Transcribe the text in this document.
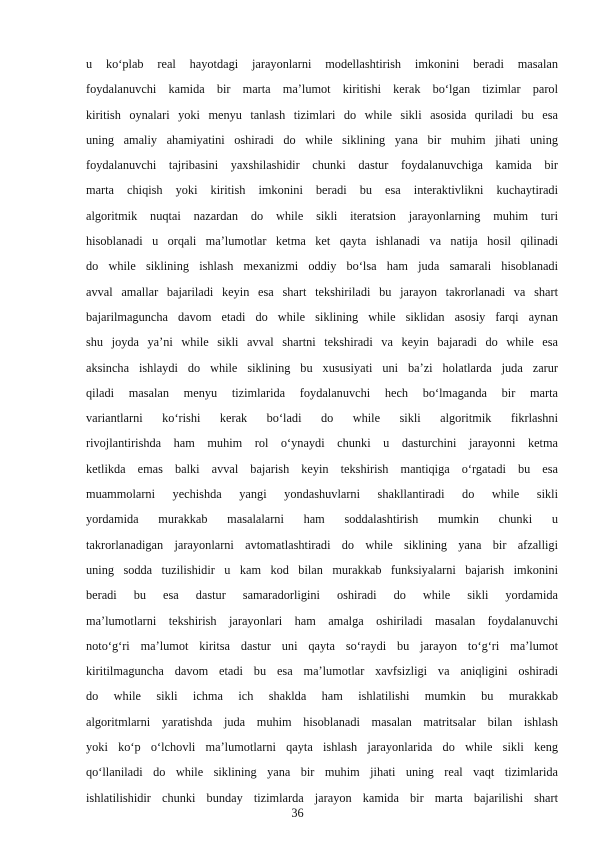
u ko‘plab real hayotdagi jarayonlarni modellashtirish imkonini beradi masalan
foydalanuvchi kamida bir marta ma’lumot kiritishi kerak bo‘lgan tizimlar parol
kiritish oynalari yoki menyu tanlash tizimlari do while sikli asosida quriladi bu esa
uning amaliy ahamiyatini oshiradi do while siklining yana bir muhim jihati uning
foydalanuvchi tajribasini yaxshilashidir chunki dastur foydalanuvchiga kamida bir
marta chiqish yoki kiritish imkonini beradi bu esa interaktivlikni kuchaytiradi
algoritmik nuqtai nazardan do while sikli iteratsion jarayonlarning muhim turi
hisoblanadi u orqali ma’lumotlar ketma ket qayta ishlanadi va natija hosil qilinadi
do while siklining ishlash mexanizmi oddiy bo‘lsa ham juda samarali hisoblanadi
avval amallar bajariladi keyin esa shart tekshiriladi bu jarayon takrorlanadi va shart
bajarilmaguncha davom etadi do while siklining while siklidan asosiy farqi aynan
shu joyda ya’ni while sikli avval shartni tekshiradi va keyin bajaradi do while esa
aksincha ishlaydi do while siklining bu xususiyati uni ba’zi holatlarda juda zarur
qiladi masalan menyu tizimlarida foydalanuvchi hech bo‘lmaganda bir marta
variantlarni ko‘rishi kerak bo‘ladi do while sikli algoritmik fikrlashni
rivojlantirishda ham muhim rol o‘ynaydi chunki u dasturchini jarayonni ketma
ketlikda emas balki avval bajarish keyin tekshirish mantiqiga o‘rgatadi bu esa
muammolarni yechishda yangi yondashuvlarni shakllantiradi do while sikli
yordamida murakkab masalalarni ham soddalashtirish mumkin chunki u
takrorlanadigan jarayonlarni avtomatlashtiradi do while siklining yana bir afzalligi
uning sodda tuzilishidir u kam kod bilan murakkab funksiyalarni bajarish imkonini
beradi bu esa dastur samaradorligini oshiradi do while sikli yordamida
ma’lumotlarni tekshirish jarayonlari ham amalga oshiriladi masalan foydalanuvchi
noto‘g‘ri ma’lumot kiritsa dastur uni qayta so‘raydi bu jarayon to‘g‘ri ma’lumot
kiritilmaguncha davom etadi bu esa ma’lumotlar xavfsizligi va aniqligini oshiradi
do while sikli ichma ich shaklda ham ishlatilishi mumkin bu murakkab
algoritmlarni yaratishda juda muhim hisoblanadi masalan matritsalar bilan ishlash
yoki ko‘p o‘lchovli ma’lumotlarni qayta ishlash jarayonlarida do while sikli keng
qo‘llaniladi do while siklining yana bir muhim jihati uning real vaqt tizimlarida
ishlatilishidir chunki bunday tizimlarda jarayon kamida bir marta bajarilishi shart
36
